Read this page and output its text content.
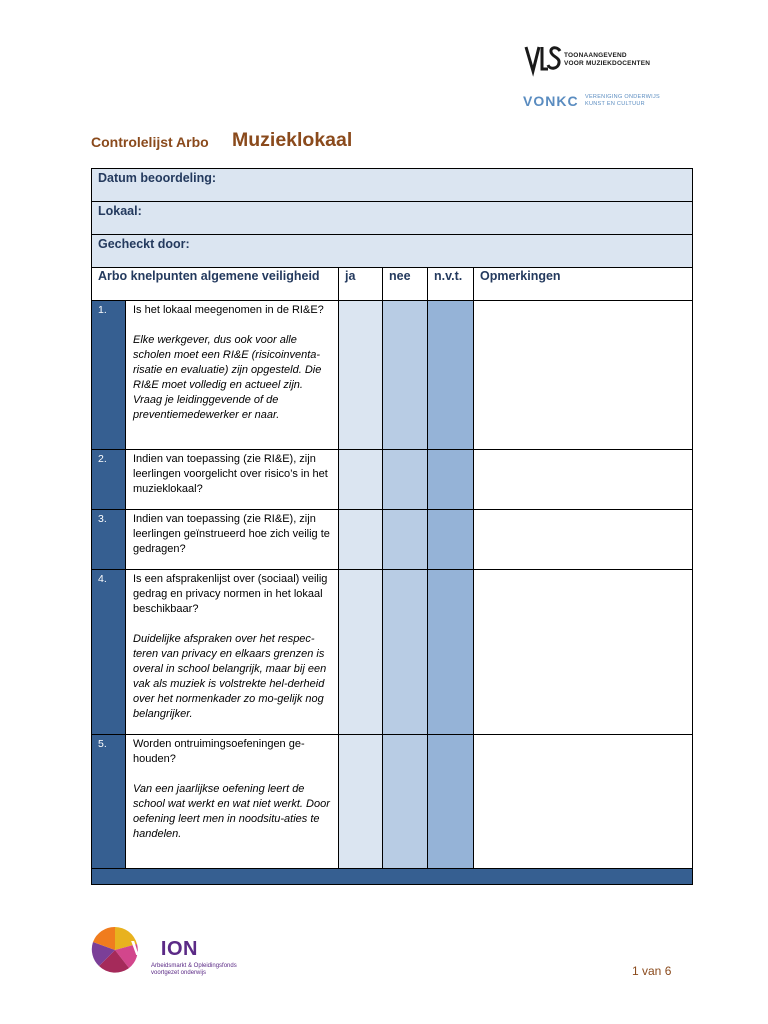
TOONAANGEVEND
VOOR MUZIEKDOCENTEN
VONKC VERENIGING ONDERWIJS
KUNST EN CULTUUR
Controlelijst Arbo Muzieklokaal
Datum beoordeling:
Lokaal:
Gecheckt door:
Arbo knelpunten algemene veiligheid	ja	nee	n.v.t.	Opmerkingen
1.	Is het lokaal meegenomen in de RI&E?
Elke werkgever, dus ook voor alle scholen moet een RI&E (risicoinventa-risatie en evaluatie) zijn opgesteld. Die RI&E moet volledig en actueel zijn. Vraag je leidinggevende of de preventiemedewerker er naar.
2.	Indien van toepassing (zie RI&E), zijn leerlingen voorgelicht over risico’s in het muzieklokaal?
3.	Indien van toepassing (zie RI&E), zijn leerlingen geïnstrueerd hoe zich veilig te gedragen?
4.	Is een afsprakenlijst over (sociaal) veilig gedrag en privacy normen in het lokaal beschikbaar?
Duidelijke afspraken over het respec-teren van privacy en elkaars grenzen is overal in school belangrijk, maar bij een vak als muziek is volstrekte hel-derheid over het normenkader zo mo-gelijk nog belangrijker.
5.	Worden ontruimingsoefeningen ge-houden?
Van een jaarlijkse oefening leert de school wat werkt en wat niet werkt. Door oefening leert men in noodsitu-aties te handelen.
VOION
Arbeidsmarkt & Opleidingsfonds
voortgezet onderwijs	1 van 6
